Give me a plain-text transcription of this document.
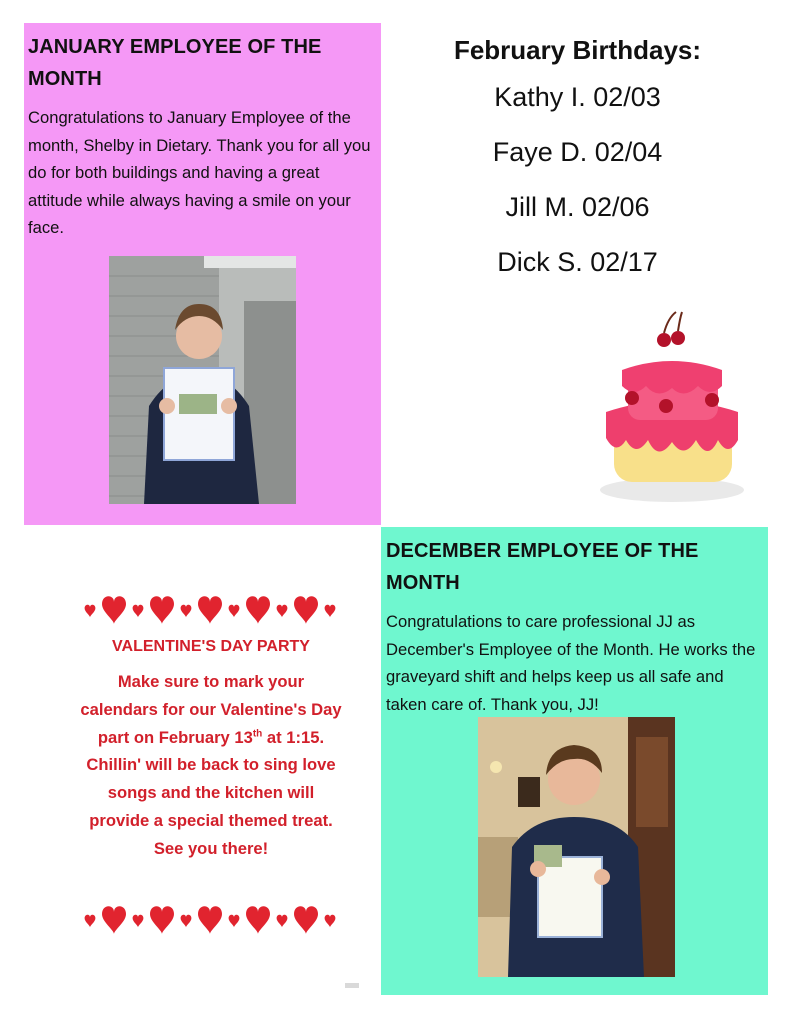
JANUARY EMPLOYEE OF THE MONTH

Congratulations to January Employee of the month, Shelby in Dietary. Thank you for all you do for both buildings and having a great attitude while always having a smile on your face.

February Birthdays:

Kathy I. 02/03

Faye D. 02/04

Jill M. 02/06

Dick S. 02/17

VALENTINE'S DAY PARTY

Make sure to mark your calendars for our Valentine's Day part on February 13th at 1:15. Chillin' will be back to sing love songs and the kitchen will provide a special themed treat. See you there!

DECEMBER EMPLOYEE OF THE MONTH

Congratulations to care professional JJ as December's Employee of the Month. He works the graveyard shift and helps keep us all safe and taken care of. Thank you, JJ!
